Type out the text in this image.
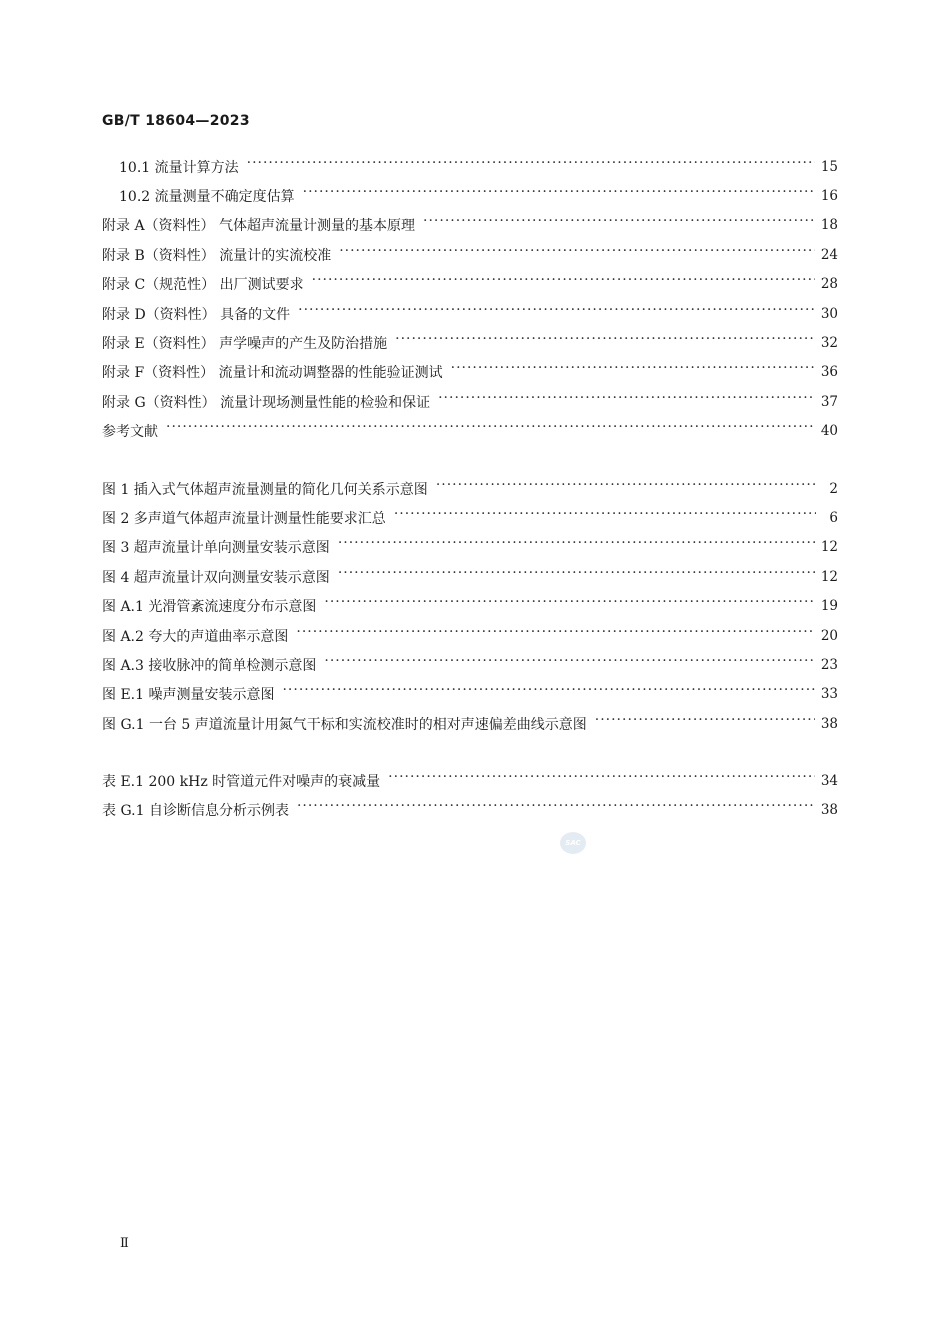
GB/T 18604—2023
10.1 流量计算方法 ·····	15
10.2 流量测量不确定度估算 ·····	16
附录 A（资料性） 气体超声流量计测量的基本原理 ·····	18
附录 B（资料性） 流量计的实流校准 ·····	24
附录 C（规范性） 出厂测试要求 ·····	28
附录 D（资料性） 具备的文件 ·····	30
附录 E（资料性） 声学噪声的产生及防治措施 ·····	32
附录 F（资料性） 流量计和流动调整器的性能验证测试 ·····	36
附录 G（资料性） 流量计现场测量性能的检验和保证 ·····	37
参考文献 ·····	40
图 1 插入式气体超声流量测量的简化几何关系示意图 ·····	2
图 2 多声道气体超声流量计测量性能要求汇总 ·····	6
图 3 超声流量计单向测量安装示意图 ·····	12
图 4 超声流量计双向测量安装示意图 ·····	12
图 A.1 光滑管紊流速度分布示意图 ·····	19
图 A.2 夸大的声道曲率示意图 ·····	20
图 A.3 接收脉冲的简单检测示意图 ·····	23
图 E.1 噪声测量安装示意图 ·····	33
图 G.1 一台 5 声道流量计用氮气干标和实流校准时的相对声速偏差曲线示意图 ·····	38
表 E.1 200 kHz 时管道元件对噪声的衰减量 ·····	34
表 G.1 自诊断信息分析示例表 ·····	38
SAC
Ⅱ
